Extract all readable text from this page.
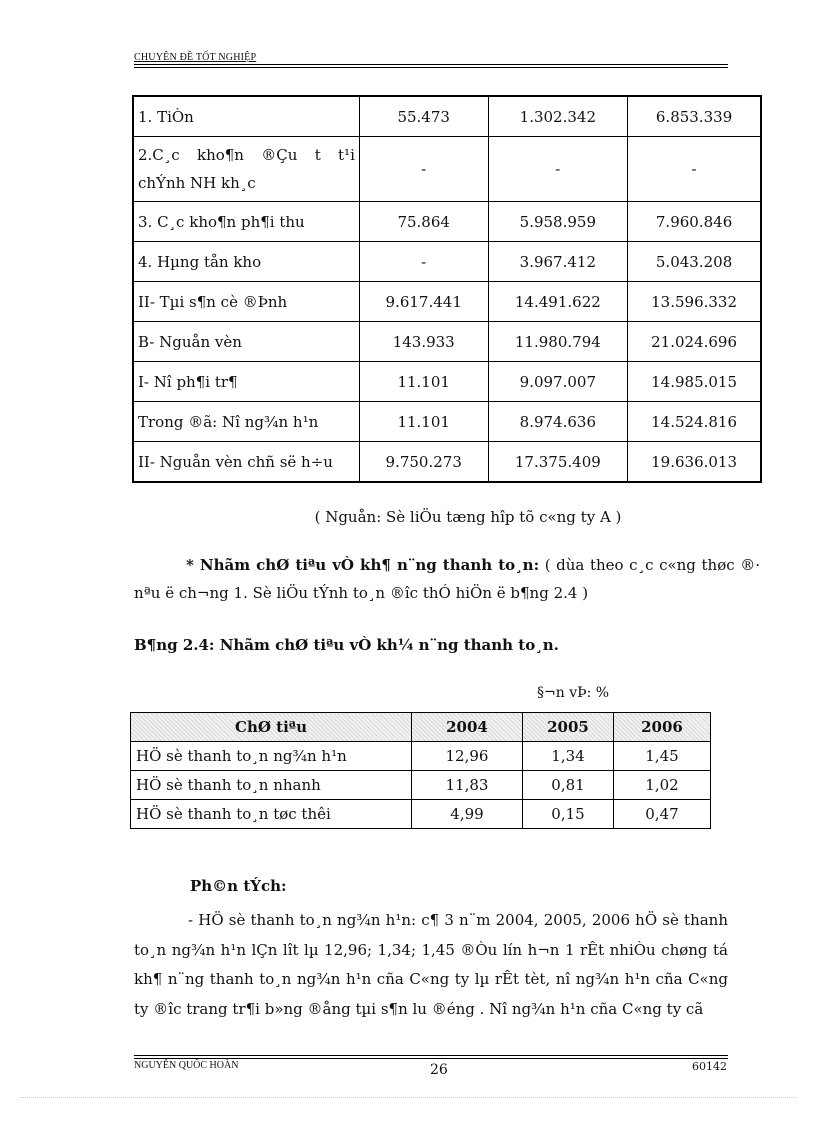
CHUYÊN ĐỀ TỐT NGHIỆP
1. TiÒn	55.473	1.302.342	6.853.339
2.C¸c kho¶n ®Çu t t¹i chÝnh NH kh¸c	-	-	-
3. C¸c kho¶n ph¶i thu	75.864	5.958.959	7.960.846
4. Hµng tån kho	-	3.967.412	5.043.208
II- Tµi s¶n cè ®Þnh	9.617.441	14.491.622	13.596.332
B- Nguån vèn	143.933	11.980.794	21.024.696
I- Nî ph¶i tr¶	11.101	9.097.007	14.985.015
Trong ®ã: Nî ng¾n h¹n	11.101	8.974.636	14.524.816
II- Nguån vèn chñ së h÷u	9.750.273	17.375.409	19.636.013
( Nguån: Sè liÖu tæng hîp tõ c«ng ty A )
* Nhãm chØ tiªu vÒ kh¶ n¨ng thanh to¸n: ( dùa theo c¸c c«ng thøc ®· nªu ë ch¬ng 1. Sè liÖu tÝnh to¸n ®îc thÓ hiÖn ë b¶ng 2.4 )
B¶ng 2.4: Nhãm chØ tiªu vÒ kh¼ n¨ng thanh to¸n.
§¬n vÞ: %
ChØ tiªu	2004	2005	2006
HÖ sè thanh to¸n ng¾n h¹n	12,96	1,34	1,45
HÖ sè thanh to¸n nhanh	11,83	0,81	1,02
HÖ sè thanh to¸n tøc thêi	4,99	0,15	0,47
Ph©n tÝch:
- HÖ sè thanh to¸n ng¾n h¹n: c¶ 3 n¨m 2004, 2005, 2006 hÖ sè thanh to¸n ng¾n h¹n lÇn lît lµ 12,96; 1,34; 1,45 ®Òu lín h¬n 1 rÊt nhiÒu chøng tá kh¶ n¨ng thanh to¸n ng¾n h¹n cña C«ng ty lµ rÊt tèt, nî ng¾n h¹n cña C«ng ty ®îc trang tr¶i b»ng ®ång tµi s¶n lu ®éng . Nî ng¾n h¹n cña C«ng ty cã
NGUYỄN QUỐC HOÀN	26	60142
